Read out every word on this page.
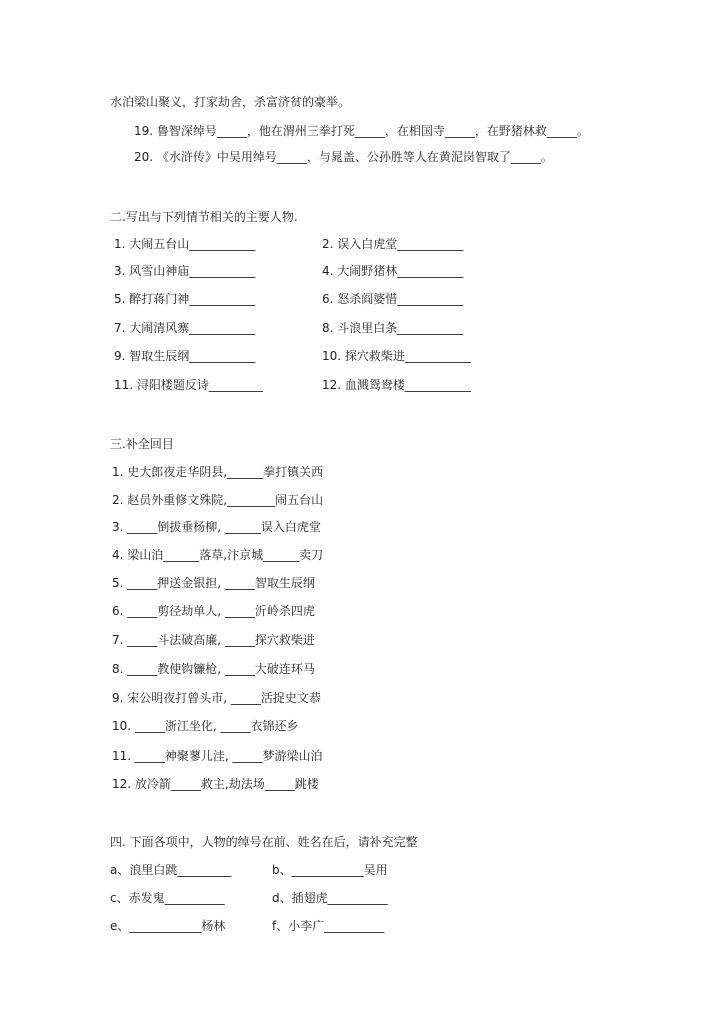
水泊梁山聚义，打家劫舍，杀富济贫的豪举。
19. 鲁智深绰号_____，他在渭州三拳打死_____，在相国寺_____，在野猪林救_____。
20. 《水浒传》中吴用绰号_____，与晁盖、公孙胜等人在黄泥岗智取了_____。
二.写出与下列情节相关的主要人物.
1. 大闹五台山___________	2. 误入白虎堂___________
3. 风雪山神庙___________	4. 大闹野猪林___________
5. 醉打蒋门神___________	6. 怒杀阎婆惜___________
7. 大闹清风寨___________	8. 斗浪里白条___________
9. 智取生辰纲___________	10. 探穴救柴进___________
11. 浔阳楼题反诗_________	12. 血溅鸳鸯楼___________
三.补全回目
1. 史大郎夜走华阴县,______拳打镇关西
2. 赵员外重修文殊院,________闹五台山
3. _____倒拔垂杨柳, ______误入白虎堂
4. 梁山泊______落草,汴京城______卖刀
5. _____押送金银担, _____智取生辰纲
6. _____剪径劫单人, _____沂岭杀四虎
7. _____斗法破高廉, _____探穴救柴进
8. _____教使钩镰枪, _____大破连环马
9. 宋公明夜打曾头市, _____活捉史文恭
10. _____浙江坐化, _____衣锦还乡
11. _____神聚蓼儿洼, _____梦游梁山泊
12. 放冷箭_____救主,劫法场_____跳楼
四. 下面各项中，人物的绰号在前、姓名在后，请补充完整
a、浪里白跳_________	b、____________吴用
c、赤发鬼__________	d、插翅虎__________
e、____________杨林	f、小李广__________
